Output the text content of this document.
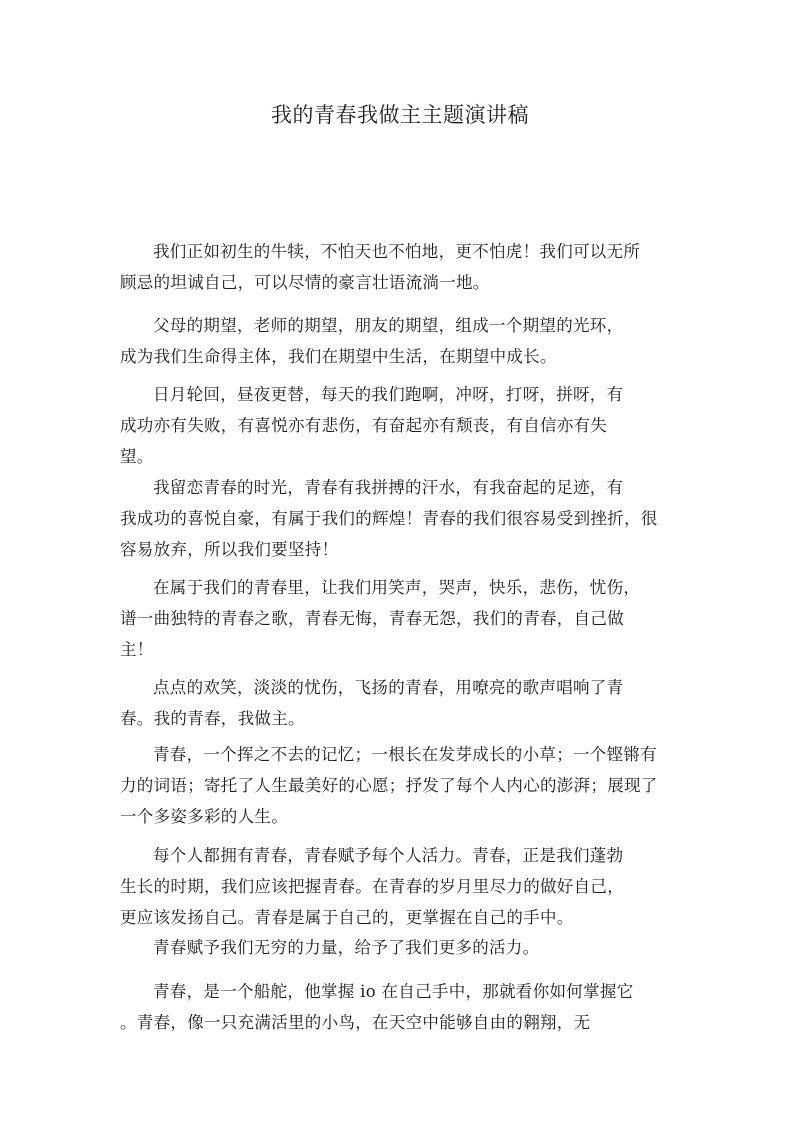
我的青春我做主主题演讲稿
我们正如初生的牛犊，不怕天也不怕地，更不怕虎！我们可以无所
顾忌的坦诚自己，可以尽情的豪言壮语流淌一地。
父母的期望，老师的期望，朋友的期望，组成一个期望的光环，
成为我们生命得主体，我们在期望中生活，在期望中成长。
日月轮回，昼夜更替，每天的我们跑啊，冲呀，打呀，拼呀，有
成功亦有失败，有喜悦亦有悲伤，有奋起亦有颓丧，有自信亦有失
望。
我留恋青春的时光，青春有我拼搏的汗水，有我奋起的足迹，有
我成功的喜悦自豪，有属于我们的辉煌！青春的我们很容易受到挫折，很
容易放弃，所以我们要坚持！
在属于我们的青春里，让我们用笑声，哭声，快乐，悲伤，忧伤，
谱一曲独特的青春之歌，青春无悔，青春无怨，我们的青春，自己做
主！
点点的欢笑，淡淡的忧伤，飞扬的青春，用嘹亮的歌声唱响了青
春。我的青春，我做主。
青春，一个挥之不去的记忆；一根长在发芽成长的小草；一个铿锵有
力的词语；寄托了人生最美好的心愿；抒发了每个人内心的澎湃；展现了
一个多姿多彩的人生。
每个人都拥有青春，青春赋予每个人活力。青春，正是我们蓬勃
生长的时期，我们应该把握青春。在青春的岁月里尽力的做好自己，
更应该发扬自己。青春是属于自己的，更掌握在自己的手中。
青春赋予我们无穷的力量，给予了我们更多的活力。
青春，是一个船舵，他掌握 io 在自己手中，那就看你如何掌握它
。青春，像一只充满活里的小鸟，在天空中能够自由的翱翔，无
